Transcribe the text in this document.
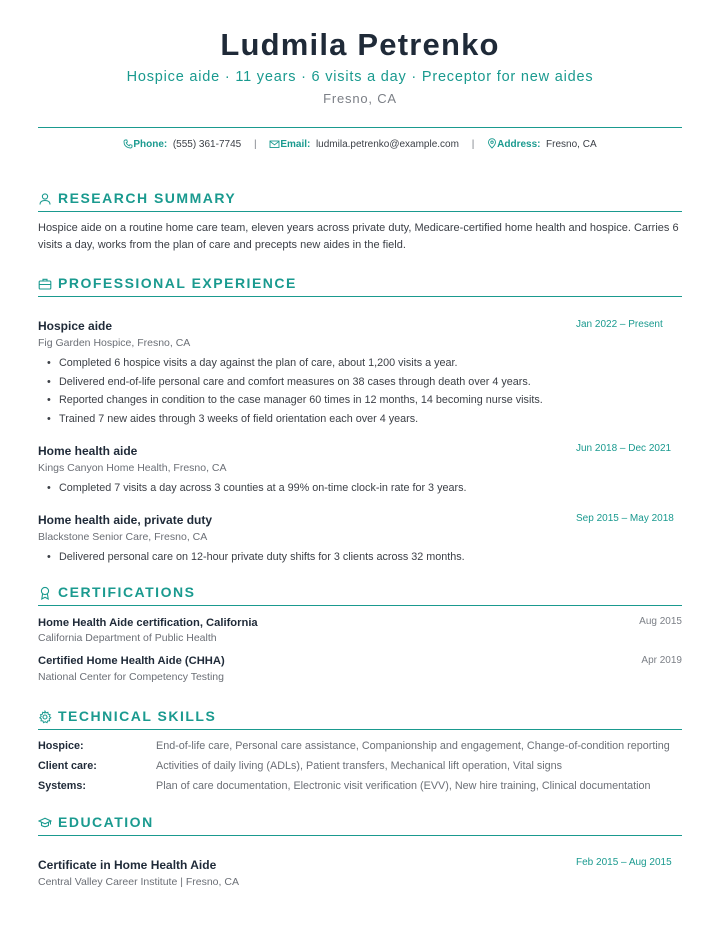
Ludmila Petrenko
Hospice aide · 11 years · 6 visits a day · Preceptor for new aides
Fresno, CA
Phone: (555) 361-7745 | Email: ludmila.petrenko@example.com | Address: Fresno, CA
RESEARCH SUMMARY
Hospice aide on a routine home care team, eleven years across private duty, Medicare-certified home health and hospice. Carries 6 visits a day, works from the plan of care and precepts new aides in the field.
PROFESSIONAL EXPERIENCE
Hospice aide	Jan 2022 – Present
Fig Garden Hospice, Fresno, CA
• Completed 6 hospice visits a day against the plan of care, about 1,200 visits a year.
• Delivered end-of-life personal care and comfort measures on 38 cases through death over 4 years.
• Reported changes in condition to the case manager 60 times in 12 months, 14 becoming nurse visits.
• Trained 7 new aides through 3 weeks of field orientation each over 4 years.
Home health aide	Jun 2018 – Dec 2021
Kings Canyon Home Health, Fresno, CA
• Completed 7 visits a day across 3 counties at a 99% on-time clock-in rate for 3 years.
Home health aide, private duty	Sep 2015 – May 2018
Blackstone Senior Care, Fresno, CA
• Delivered personal care on 12-hour private duty shifts for 3 clients across 32 months.
CERTIFICATIONS
Home Health Aide certification, California	Aug 2015
California Department of Public Health
Certified Home Health Aide (CHHA)	Apr 2019
National Center for Competency Testing
TECHNICAL SKILLS
Hospice:	End-of-life care, Personal care assistance, Companionship and engagement, Change-of-condition reporting
Client care:	Activities of daily living (ADLs), Patient transfers, Mechanical lift operation, Vital signs
Systems:	Plan of care documentation, Electronic visit verification (EVV), New hire training, Clinical documentation
EDUCATION
Certificate in Home Health Aide	Feb 2015 – Aug 2015
Central Valley Career Institute | Fresno, CA
